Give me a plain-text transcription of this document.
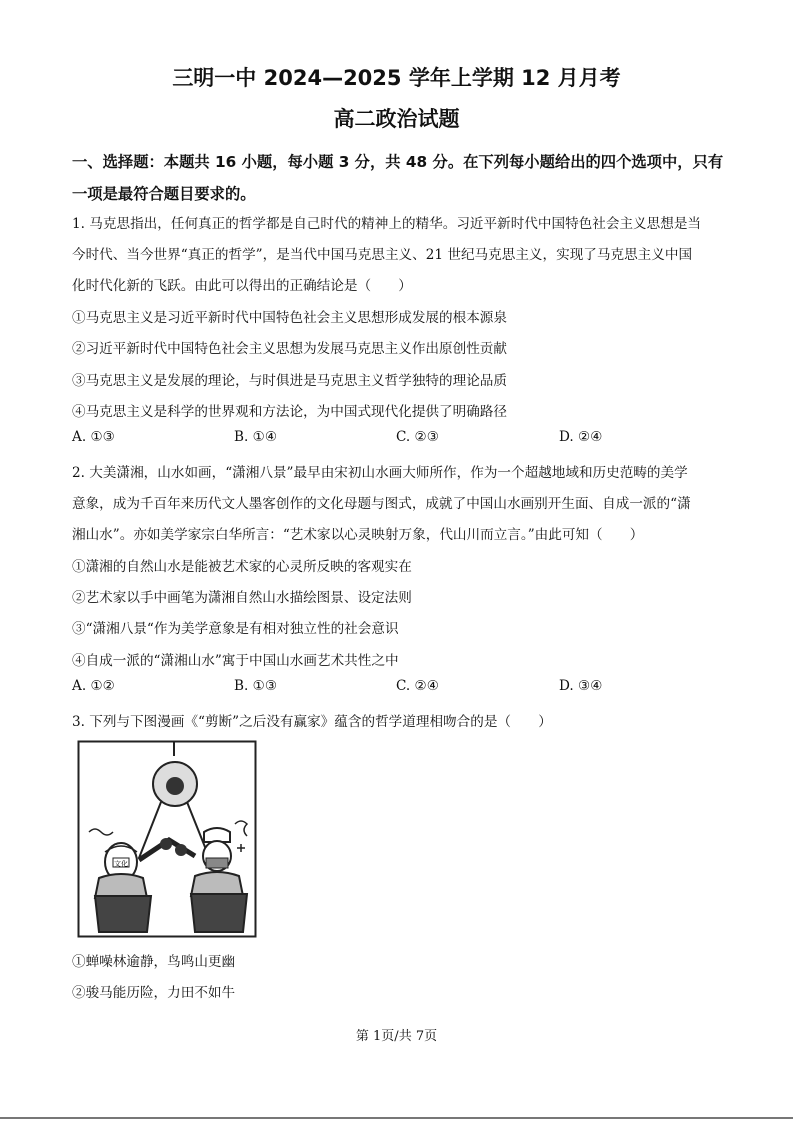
三明一中 2024—2025 学年上学期 12 月月考
高二政治试题
一、选择题：本题共 16 小题，每小题 3 分，共 48 分。在下列每小题给出的四个选项中，只有
一项是最符合题目要求的。
1. 马克思指出，任何真正的哲学都是自己时代的精神上的精华。习近平新时代中国特色社会主义思想是当
今时代、当今世界“真正的哲学”，是当代中国马克思主义、21 世纪马克思主义，实现了马克思主义中国
化时代化新的飞跃。由此可以得出的正确结论是（　　）
①马克思主义是习近平新时代中国特色社会主义思想形成发展的根本源泉
②习近平新时代中国特色社会主义思想为发展马克思主义作出原创性贡献
③马克思主义是发展的理论，与时俱进是马克思主义哲学独特的理论品质
④马克思主义是科学的世界观和方法论，为中国式现代化提供了明确路径
A. ①③	B. ①④	C. ②③	D. ②④
2. 大美潇湘，山水如画，“潇湘八景”最早由宋初山水画大师所作，作为一个超越地域和历史范畴的美学
意象，成为千百年来历代文人墨客创作的文化母题与图式，成就了中国山水画别开生面、自成一派的“潇
湘山水”。亦如美学家宗白华所言：“艺术家以心灵映射万象，代山川而立言。”由此可知（　　）
①潇湘的自然山水是能被艺术家的心灵所反映的客观实在
②艺术家以手中画笔为潇湘自然山水描绘图景、设定法则
③“潇湘八景“作为美学意象是有相对独立性的社会意识
④自成一派的“潇湘山水”寓于中国山水画艺术共性之中
A. ①②	B. ①③	C. ②④	D. ③④
3. 下列与下图漫画《“剪断”之后没有赢家》蕴含的哲学道理相吻合的是（　　）
文化
①蝉噪林逾静，鸟鸣山更幽
②骏马能历险，力田不如牛
第 1页/共 7页
